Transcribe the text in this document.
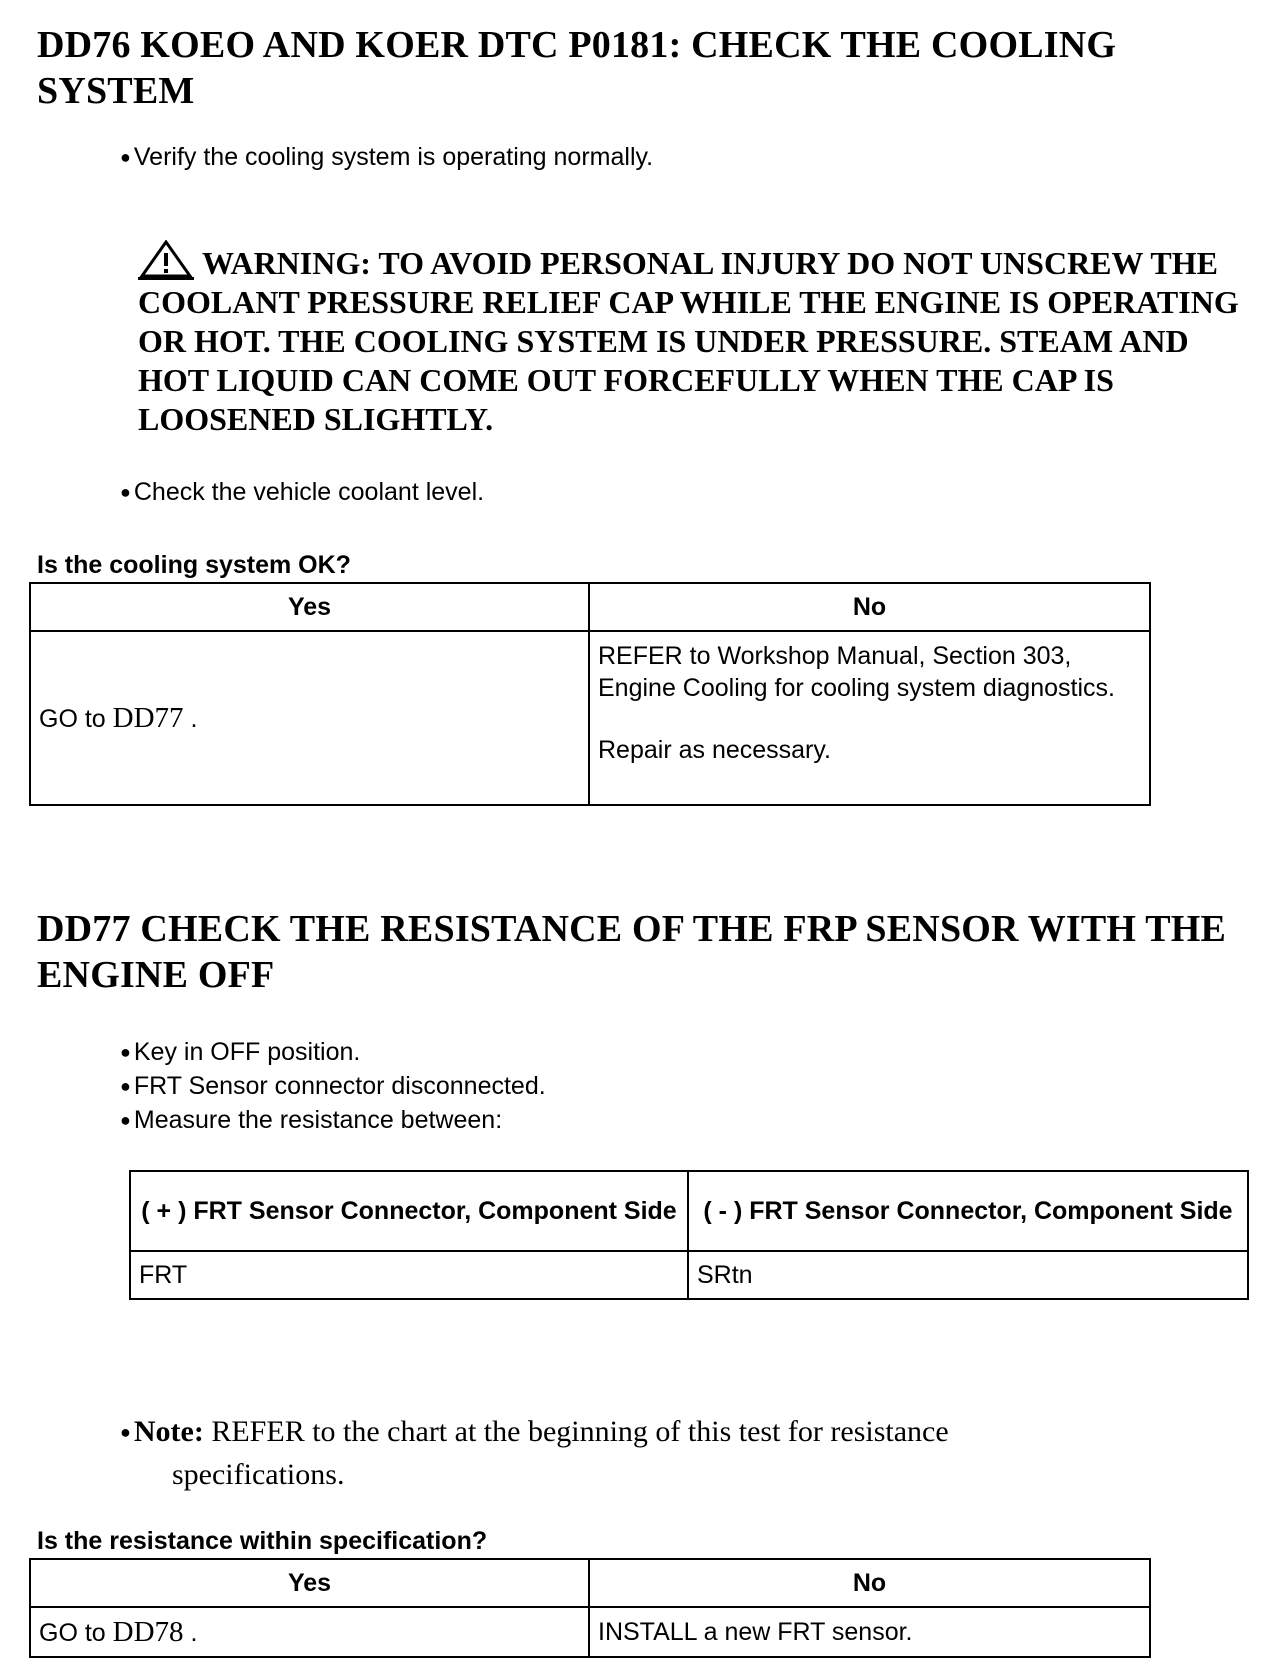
DD76 KOEO AND KOER DTC P0181: CHECK THE COOLING SYSTEM
● Verify the cooling system is operating normally.
WARNING: TO AVOID PERSONAL INJURY DO NOT UNSCREW THE COOLANT PRESSURE RELIEF CAP WHILE THE ENGINE IS OPERATING OR HOT. THE COOLING SYSTEM IS UNDER PRESSURE. STEAM AND HOT LIQUID CAN COME OUT FORCEFULLY WHEN THE CAP IS LOOSENED SLIGHTLY.
● Check the vehicle coolant level.
Is the cooling system OK?
Yes	No
GO to DD77 .	REFER to Workshop Manual, Section 303, Engine Cooling for cooling system diagnostics.
Repair as necessary.
DD77 CHECK THE RESISTANCE OF THE FRP SENSOR WITH THE ENGINE OFF
● Key in OFF position.
● FRT Sensor connector disconnected.
● Measure the resistance between:
( + ) FRT Sensor Connector, Component Side	( - ) FRT Sensor Connector, Component Side
FRT	SRtn
● Note: REFER to the chart at the beginning of this test for resistance
specifications.
Is the resistance within specification?
Yes	No
GO to DD78 .	INSTALL a new FRT sensor.
